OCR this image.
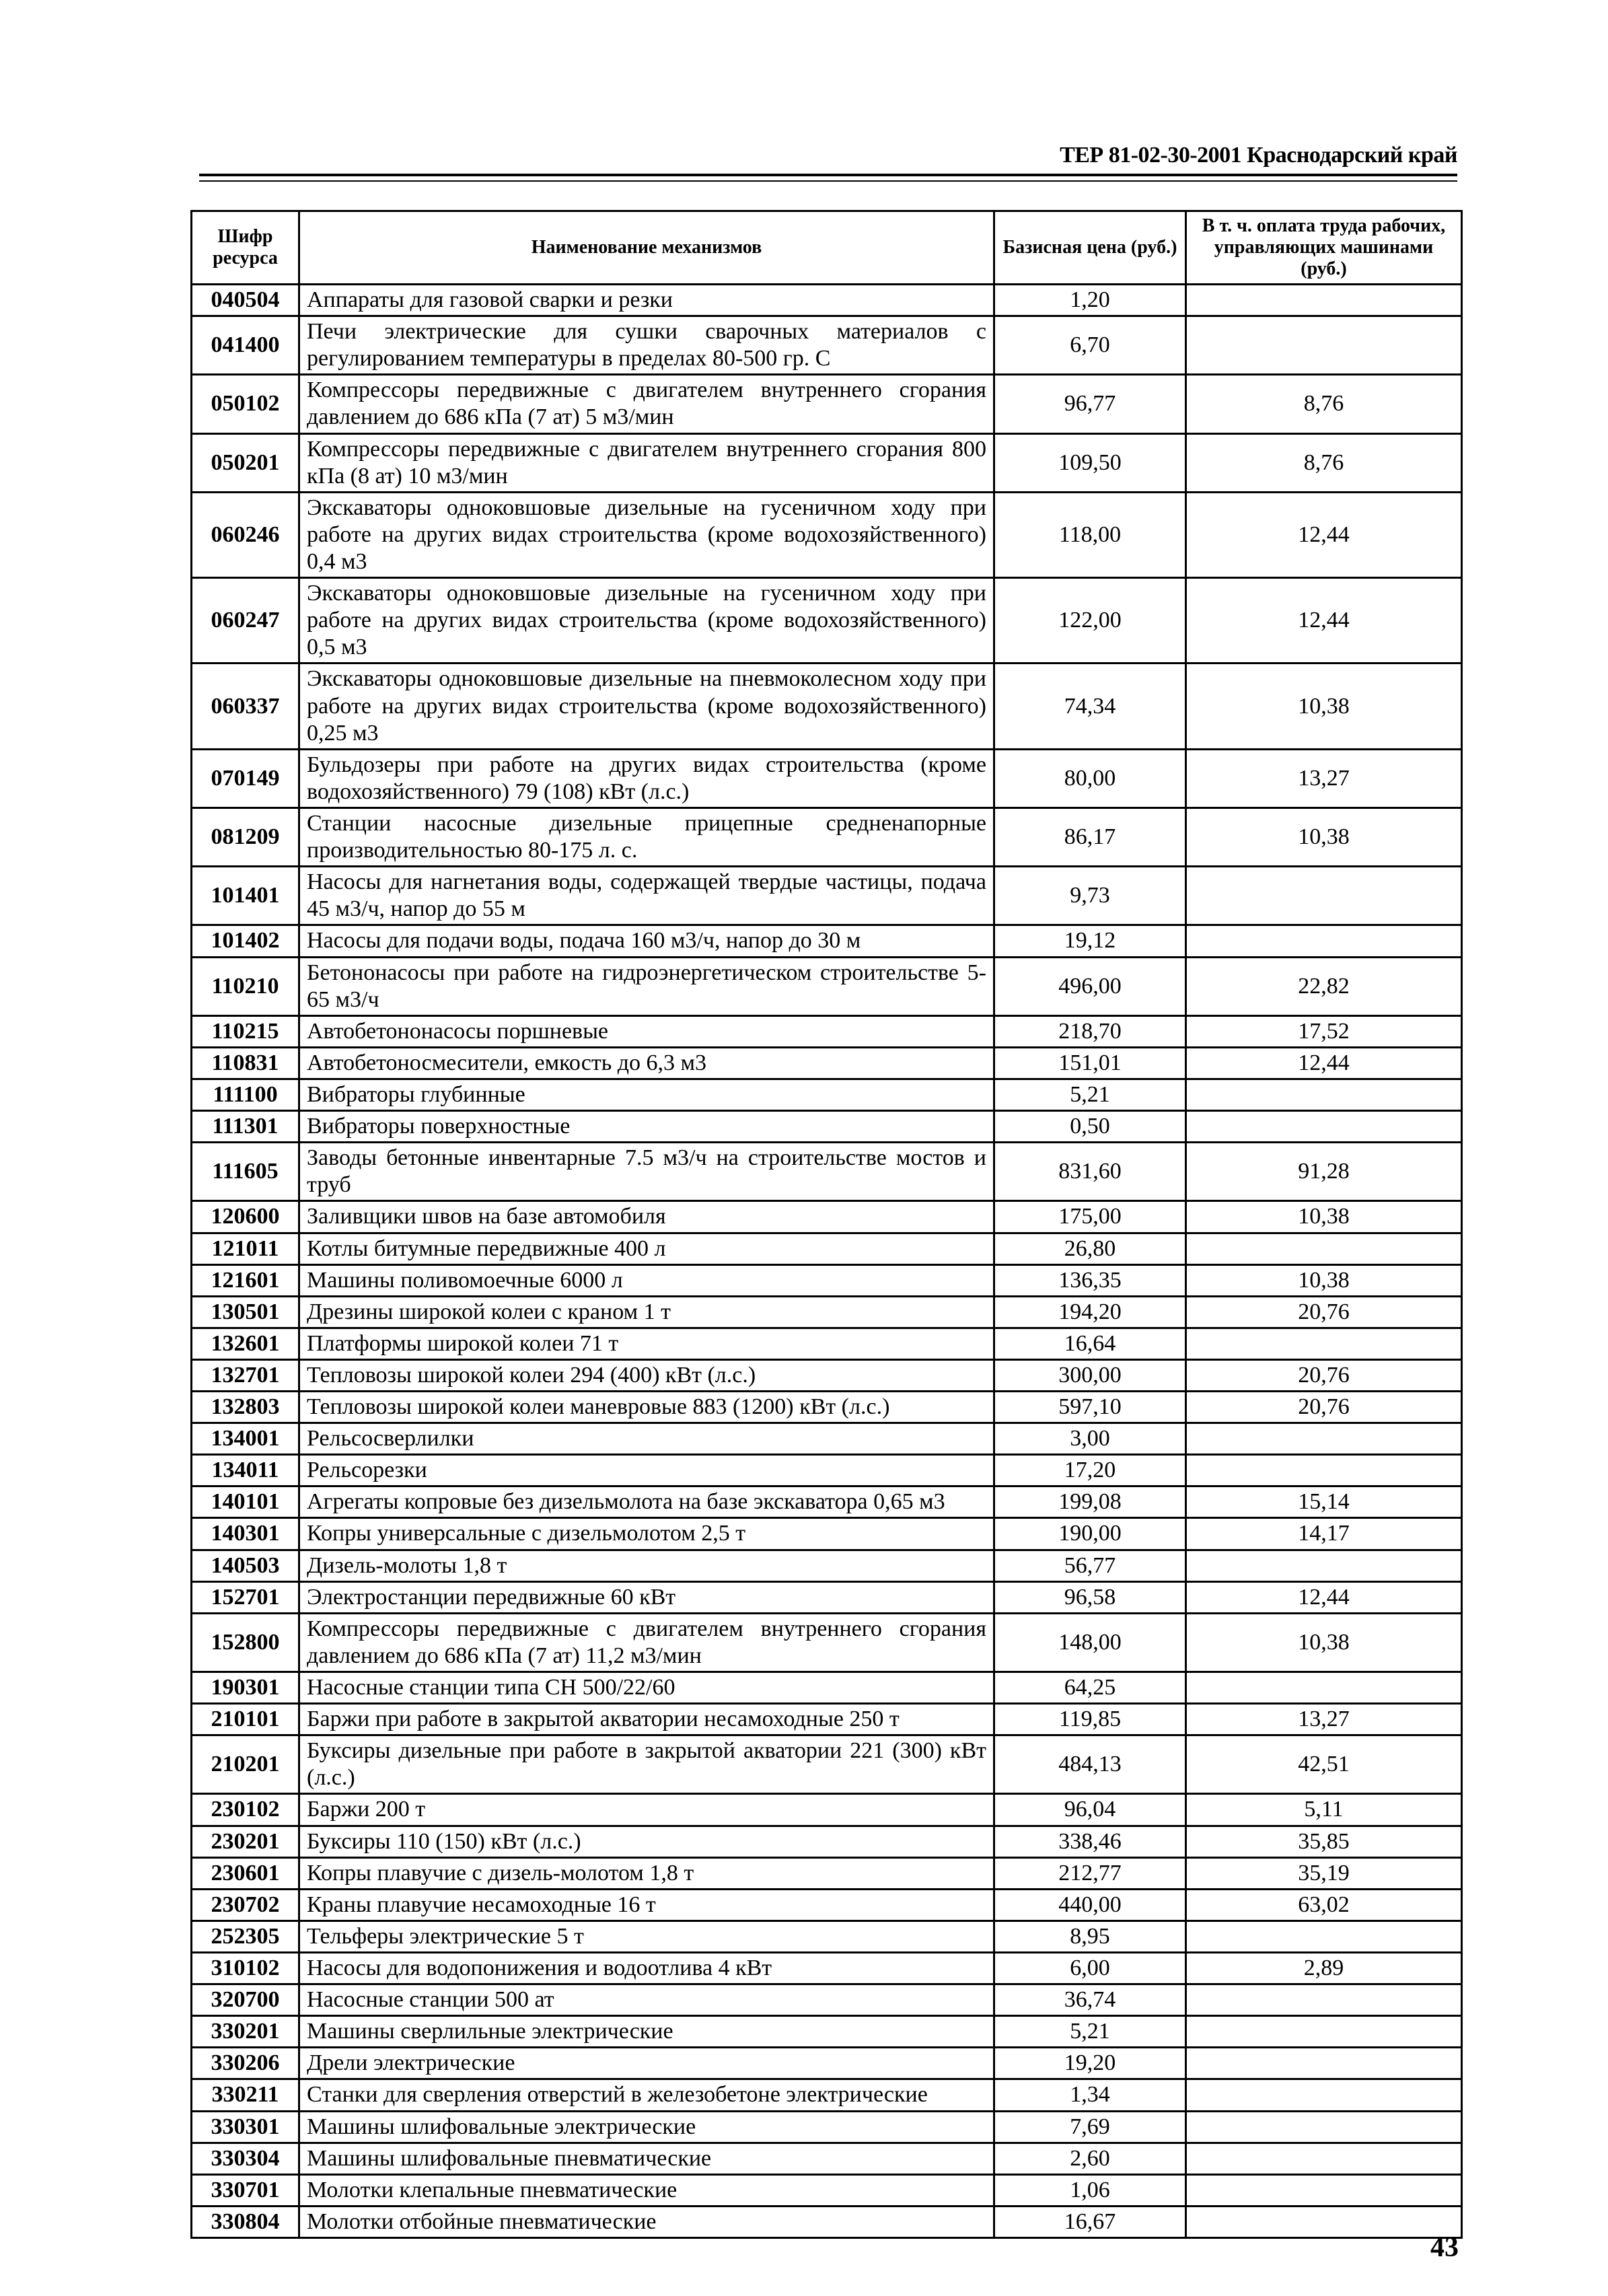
ТЕР 81-02-30-2001 Краснодарский край
Шифр ресурса	Наименование механизмов	Базисная цена (руб.)	В т. ч. оплата труда рабочих, управляющих машинами (руб.)
040504	Аппараты для газовой сварки и резки	1,20	
041400	Печи электрические для сушки сварочных материалов с регулированием температуры в пределах 80-500 гр. С	6,70	
050102	Компрессоры передвижные с двигателем внутреннего сгорания давлением до 686 кПа (7 ат) 5 м3/мин	96,77	8,76
050201	Компрессоры передвижные с двигателем внутреннего сгорания 800 кПа (8 ат) 10 м3/мин	109,50	8,76
060246	Экскаваторы одноковшовые дизельные на гусеничном ходу при работе на других видах строительства (кроме водохозяйственного) 0,4 м3	118,00	12,44
060247	Экскаваторы одноковшовые дизельные на гусеничном ходу при работе на других видах строительства (кроме водохозяйственного) 0,5 м3	122,00	12,44
060337	Экскаваторы одноковшовые дизельные на пневмоколесном ходу при работе на других видах строительства (кроме водохозяйственного) 0,25 м3	74,34	10,38
070149	Бульдозеры при работе на других видах строительства (кроме водохозяйственного) 79 (108) кВт (л.с.)	80,00	13,27
081209	Станции насосные дизельные прицепные средненапорные производительностью 80-175 л. с.	86,17	10,38
101401	Насосы для нагнетания воды, содержащей твердые частицы, подача 45 м3/ч, напор до 55 м	9,73	
101402	Насосы для подачи воды, подача 160 м3/ч, напор до 30 м	19,12	
110210	Бетононасосы при работе на гидроэнергетическом строительстве 5-65 м3/ч	496,00	22,82
110215	Автобетононасосы поршневые	218,70	17,52
110831	Автобетоносмесители, емкость до 6,3 м3	151,01	12,44
111100	Вибраторы глубинные	5,21	
111301	Вибраторы поверхностные	0,50	
111605	Заводы бетонные инвентарные 7.5 м3/ч на строительстве мостов и труб	831,60	91,28
120600	Заливщики швов на базе автомобиля	175,00	10,38
121011	Котлы битумные передвижные 400 л	26,80	
121601	Машины поливомоечные 6000 л	136,35	10,38
130501	Дрезины широкой колеи с краном 1 т	194,20	20,76
132601	Платформы широкой колеи 71 т	16,64	
132701	Тепловозы широкой колеи 294 (400) кВт (л.с.)	300,00	20,76
132803	Тепловозы широкой колеи маневровые 883 (1200) кВт (л.с.)	597,10	20,76
134001	Рельсосверлилки	3,00	
134011	Рельсорезки	17,20	
140101	Агрегаты копровые без дизельмолота на базе экскаватора 0,65 м3	199,08	15,14
140301	Копры универсальные с дизельмолотом 2,5 т	190,00	14,17
140503	Дизель-молоты 1,8 т	56,77	
152701	Электростанции передвижные 60 кВт	96,58	12,44
152800	Компрессоры передвижные с двигателем внутреннего сгорания давлением до 686 кПа (7 ат) 11,2 м3/мин	148,00	10,38
190301	Насосные станции типа СН 500/22/60	64,25	
210101	Баржи при работе в закрытой акватории несамоходные 250 т	119,85	13,27
210201	Буксиры дизельные при работе в закрытой акватории 221 (300) кВт (л.с.)	484,13	42,51
230102	Баржи 200 т	96,04	5,11
230201	Буксиры 110 (150) кВт (л.с.)	338,46	35,85
230601	Копры плавучие с дизель-молотом 1,8 т	212,77	35,19
230702	Краны плавучие несамоходные 16 т	440,00	63,02
252305	Тельферы электрические 5 т	8,95	
310102	Насосы для водопонижения и водоотлива 4 кВт	6,00	2,89
320700	Насосные станции 500 ат	36,74	
330201	Машины сверлильные электрические	5,21	
330206	Дрели электрические	19,20	
330211	Станки для сверления отверстий в железобетоне электрические	1,34	
330301	Машины шлифовальные электрические	7,69	
330304	Машины шлифовальные пневматические	2,60	
330701	Молотки клепальные пневматические	1,06	
330804	Молотки отбойные пневматические	16,67	
43
